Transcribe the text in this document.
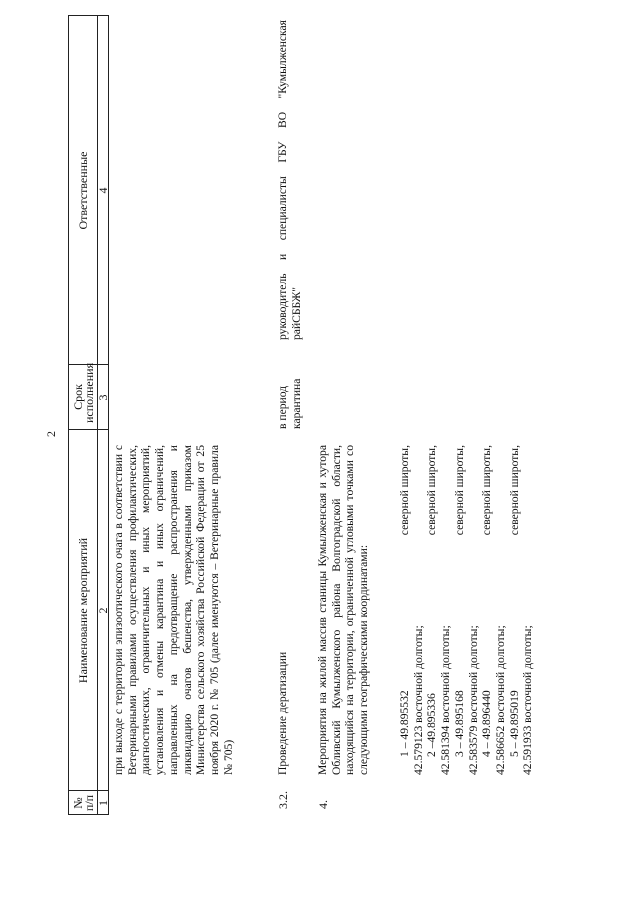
2
№ п/п
Наименование мероприятий
Срок исполнения
Ответственные
1
2
3
4
при выходе с территории эпизоотического очага в соответствии с Ветеринарными правилами осуществления профилактических, диагностических, ограничительных и иных мероприятий, установления и отмены карантина и иных ограничений, направленных на предотвращение распространения и ликвидацию очагов бешенства, утвержденными приказом Министерства сельского хозяйства Российской Федерации от 25 ноября 2020 г. № 705 (далее именуются – Ветеринарные правила № 705)
3.2.
Проведение дератизации
в период карантина
руководитель и специалисты ГБУ ВО "Кумылженская райСББЖ"
4.
Мероприятия на жилой массив станицы Кумылженская и хутора Обливский Кумылженского района Волгоградской области, находящийся на территории, ограниченной угловыми точками со следующими географическими координатами: 1 – 49.895532
северной широты,
42.579123 восточной долготы;
2 –49.895336
северной широты,
42.581394 восточной долготы;
3 – 49.895168
северной широты,
42.583579 восточной долготы;
4 – 49.896440
северной широты,
42.586652 восточной долготы;
5 – 49.895019
северной широты,
42.591933 восточной долготы;
